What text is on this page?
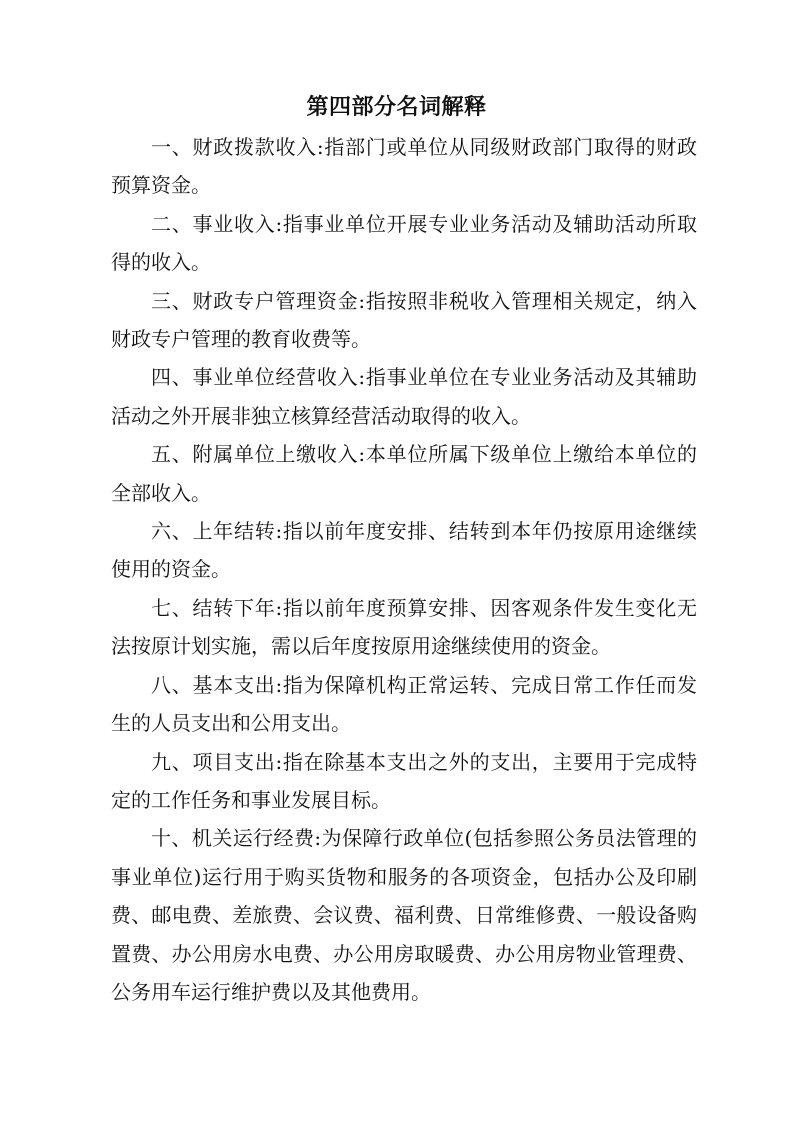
第四部分名词解释

一、财政拨款收入:指部门或单位从同级财政部门取得的财政预算资金。

二、事业收入:指事业单位开展专业业务活动及辅助活动所取得的收入。

三、财政专户管理资金:指按照非税收入管理相关规定，纳入财政专户管理的教育收费等。

四、事业单位经营收入:指事业单位在专业业务活动及其辅助活动之外开展非独立核算经营活动取得的收入。

五、附属单位上缴收入:本单位所属下级单位上缴给本单位的全部收入。

六、上年结转:指以前年度安排、结转到本年仍按原用途继续使用的资金。

七、结转下年:指以前年度预算安排、因客观条件发生变化无法按原计划实施，需以后年度按原用途继续使用的资金。

八、基本支出:指为保障机构正常运转、完成日常工作任而发生的人员支出和公用支出。

九、项目支出:指在除基本支出之外的支出，主要用于完成特定的工作任务和事业发展目标。

十、机关运行经费:为保障行政单位(包括参照公务员法管理的事业单位)运行用于购买货物和服务的各项资金，包括办公及印刷费、邮电费、差旅费、会议费、福利费、日常维修费、一般设备购置费、办公用房水电费、办公用房取暖费、办公用房物业管理费、公务用车运行维护费以及其他费用。
